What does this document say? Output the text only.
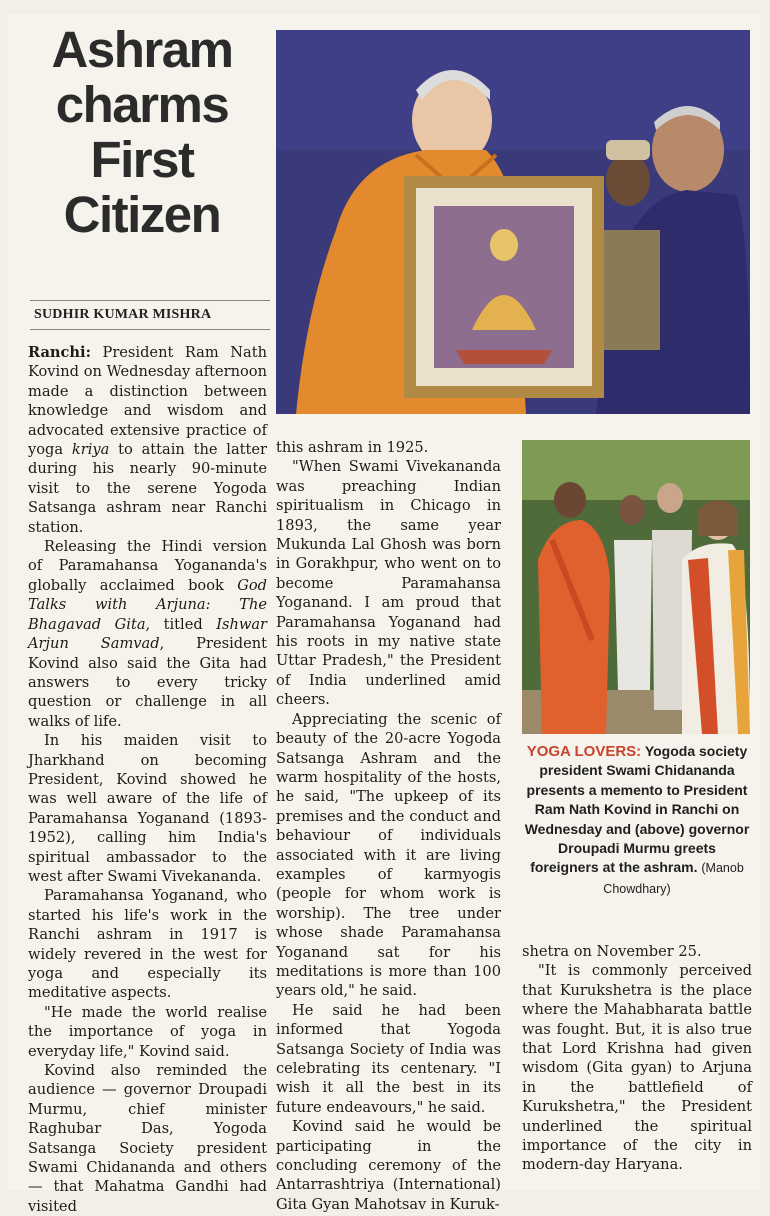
Ashram
charms
First
Citizen
SUDHIR KUMAR MISHRA

Ranchi: President Ram Nath Kovind on Wednesday afternoon made a distinction between knowledge and wisdom and advocated extensive practice of yoga kriya to attain the latter during his nearly 90-minute visit to the serene Yogoda Satsanga ashram near Ranchi station.

Releasing the Hindi version of Paramahansa Yogananda's globally acclaimed book God Talks with Arjuna: The Bhagavad Gita, titled Ishwar Arjun Samvad, President Kovind also said the Gita had answers to every tricky question or challenge in all walks of life.

In his maiden visit to Jharkhand on becoming President, Kovind showed he was well aware of the life of Paramahansa Yoganand (1893-1952), calling him India's spiritual ambassador to the west after Swami Vivekananda.

Paramahansa Yoganand, who started his life's work in the Ranchi ashram in 1917 is widely revered in the west for yoga and especially its meditative aspects.

"He made the world realise the importance of yoga in everyday life," Kovind said.

Kovind also reminded the audience — governor Droupadi Murmu, chief minister Raghubar Das, Yogoda Satsanga Society president Swami Chidananda and others — that Mahatma Gandhi had visited

this ashram in 1925.

"When Swami Vivekananda was preaching Indian spiritualism in Chicago in 1893, the same year Mukunda Lal Ghosh was born in Gorakhpur, who went on to become Paramahansa Yoganand. I am proud that Paramahansa Yoganand had his roots in my native state Uttar Pradesh," the President of India underlined amid cheers.

Appreciating the scenic of beauty of the 20-acre Yogoda Satsanga Ashram and the warm hospitality of the hosts, he said, "The upkeep of its premises and the conduct and behaviour of individuals associated with it are living examples of karmyogis (people for whom work is worship). The tree under whose shade Paramahansa Yoganand sat for his meditations is more than 100 years old," he said.

He said he had been informed that Yogoda Satsanga Society of India was celebrating its centenary. "I wish it all the best in its future endeavours," he said.

Kovind said he would be participating in the concluding ceremony of the Antarrashtriya (International) Gita Gyan Mahotsav in Kuruk-

YOGA LOVERS: Yogoda society president Swami Chidananda presents a memento to President Ram Nath Kovind in Ranchi on Wednesday and (above) governor Droupadi Murmu greets foreigners at the ashram. (Manob Chowdhary)

shetra on November 25.

"It is commonly perceived that Kurukshetra is the place where the Mahabharata battle was fought. But, it is also true that Lord Krishna had given wisdom (Gita gyan) to Arjuna in the battlefield of Kurukshetra," the President underlined the spiritual importance of the city in modern-day Haryana.
